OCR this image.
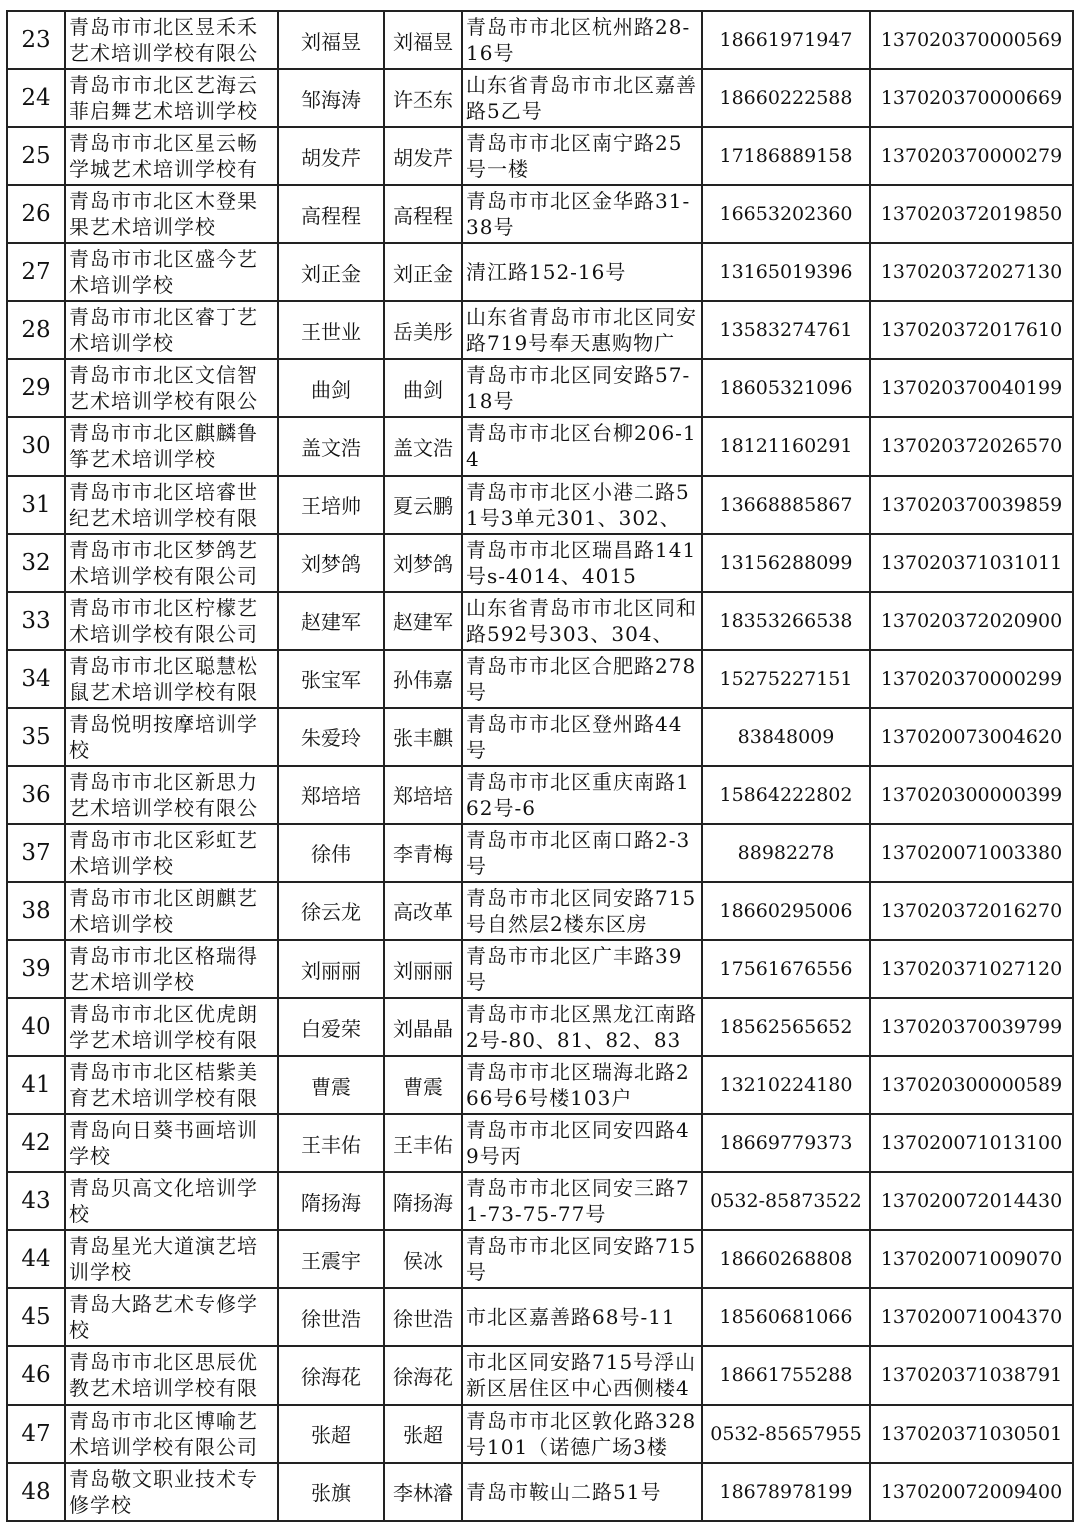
23	青岛市市北区昱禾禾艺术培训学校有限公	刘福昱	刘福昱	青岛市市北区杭州路28-16号	18661971947	137020370000569
24	青岛市市北区艺海云菲启舞艺术培训学校	邹海涛	许丕东	山东省青岛市市北区嘉善路5乙号	18660222588	137020370000669
25	青岛市市北区星云畅学城艺术培训学校有	胡发芹	胡发芹	青岛市市北区南宁路25号一楼	17186889158	137020370000279
26	青岛市市北区木登果果艺术培训学校	高程程	高程程	青岛市市北区金华路31-38号	16653202360	137020372019850
27	青岛市市北区盛今艺术培训学校	刘正金	刘正金	清江路152-16号	13165019396	137020372027130
28	青岛市市北区睿丁艺术培训学校	王世业	岳美彤	山东省青岛市市北区同安路719号奉天惠购物广	13583274761	137020372017610
29	青岛市市北区文信智艺术培训学校有限公	曲剑	曲剑	青岛市市北区同安路57-18号	18605321096	137020370040199
30	青岛市市北区麒麟鲁筝艺术培训学校	盖文浩	盖文浩	青岛市市北区台柳206-14	18121160291	137020372026570
31	青岛市市北区培睿世纪艺术培训学校有限	王培帅	夏云鹏	青岛市市北区小港二路51号3单元301、302、	13668885867	137020370039859
32	青岛市市北区梦鸽艺术培训学校有限公司	刘梦鸽	刘梦鸽	青岛市市北区瑞昌路141号s-4014、4015	13156288099	137020371031011
33	青岛市市北区柠檬艺术培训学校有限公司	赵建军	赵建军	山东省青岛市市北区同和路592号303、304、	18353266538	137020372020900
34	青岛市市北区聪慧松鼠艺术培训学校有限	张宝军	孙伟嘉	青岛市市北区合肥路278号	15275227151	137020370000299
35	青岛悦明按摩培训学校	朱爱玲	张丰麒	青岛市市北区登州路44号	83848009	137020073004620
36	青岛市市北区新思力艺术培训学校有限公	郑培培	郑培培	青岛市市北区重庆南路162号-6	15864222802	137020300000399
37	青岛市市北区彩虹艺术培训学校	徐伟	李青梅	青岛市市北区南口路2-3号	88982278	137020071003380
38	青岛市市北区朗麒艺术培训学校	徐云龙	高改革	青岛市市北区同安路715号自然层2楼东区房	18660295006	137020372016270
39	青岛市市北区格瑞得艺术培训学校	刘丽丽	刘丽丽	青岛市市北区广丰路39号	17561676556	137020371027120
40	青岛市市北区优虎朗学艺术培训学校有限	白爱荣	刘晶晶	青岛市市北区黑龙江南路2号-80、81、82、83	18562565652	137020370039799
41	青岛市市北区桔紫美育艺术培训学校有限	曹震	曹震	青岛市市北区瑞海北路266号6号楼103户	13210224180	137020300000589
42	青岛向日葵书画培训学校	王丰佑	王丰佑	青岛市市北区同安四路49号丙	18669779373	137020071013100
43	青岛贝高文化培训学校	隋扬海	隋扬海	青岛市市北区同安三路71-73-75-77号	0532-85873522	137020072014430
44	青岛星光大道演艺培训学校	王震宇	侯冰	青岛市市北区同安路715号	18660268808	137020071009070
45	青岛大路艺术专修学校	徐世浩	徐世浩	市北区嘉善路68号-11	18560681066	137020071004370
46	青岛市市北区思辰优教艺术培训学校有限	徐海花	徐海花	市北区同安路715号浮山新区居住区中心西侧楼4	18661755288	137020371038791
47	青岛市市北区博喻艺术培训学校有限公司	张超	张超	青岛市市北区敦化路328号101（诺德广场3楼	0532-85657955	137020371030501
48	青岛敬文职业技术专修学校	张旗	李林濬	青岛市鞍山二路51号	18678978199	137020072009400
